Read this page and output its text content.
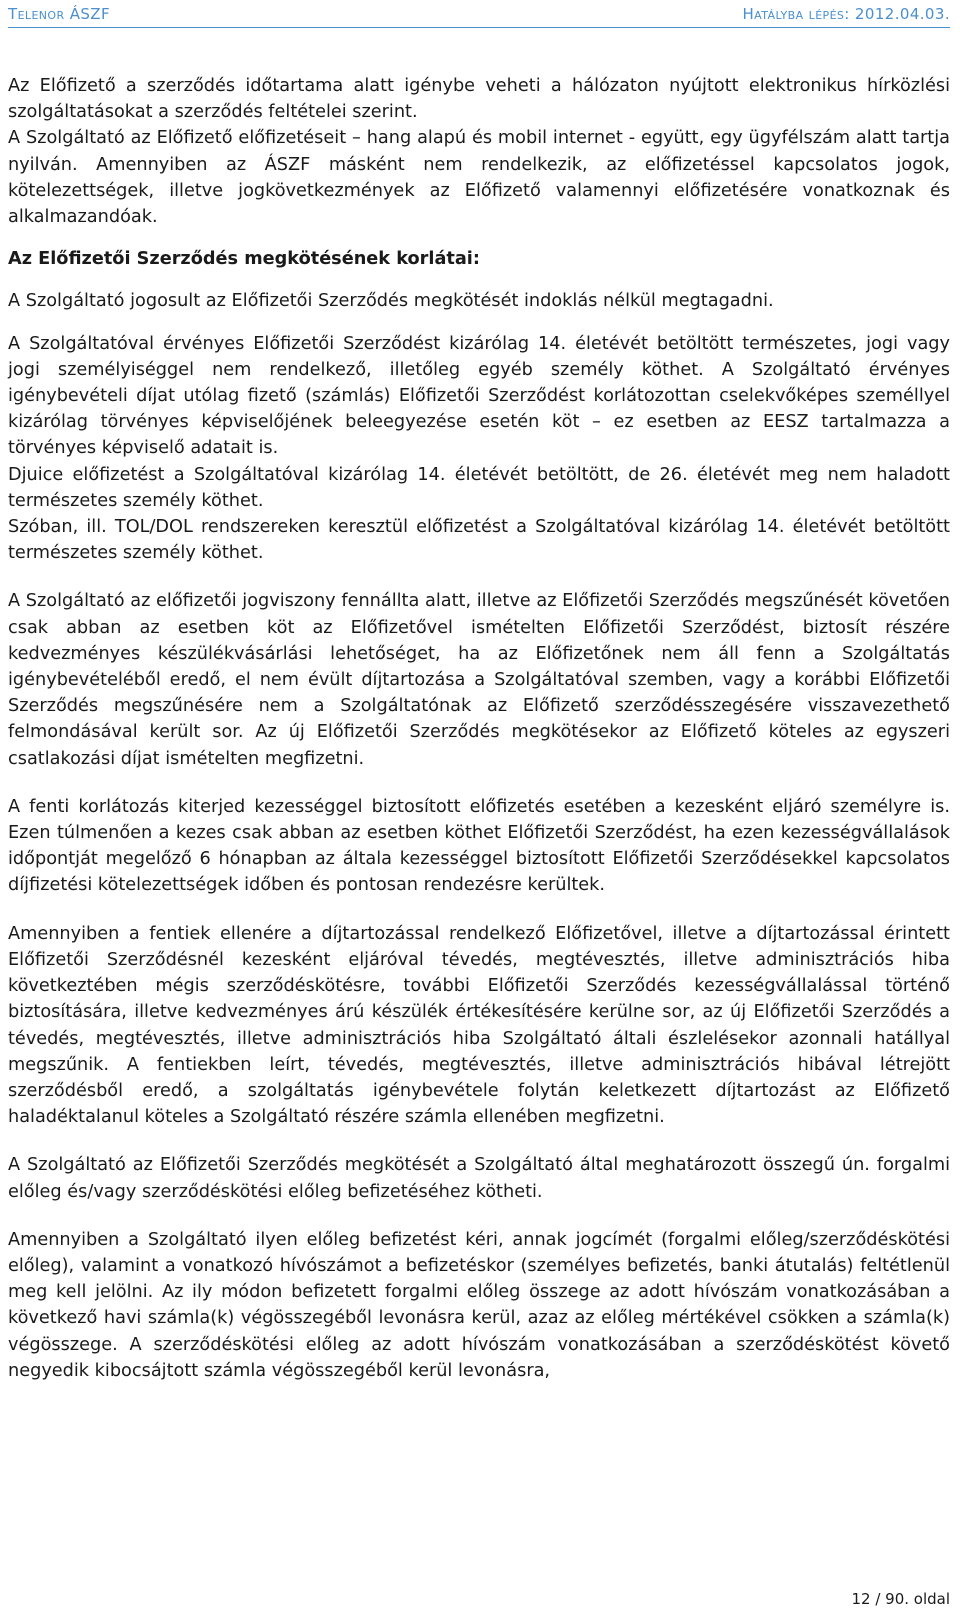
Telenor ÁSZF	Hatályba lépés: 2012.04.03.

Az Előfizető a szerződés időtartama alatt igénybe veheti a hálózaton nyújtott elektronikus hírközlési szolgáltatásokat a szerződés feltételei szerint.

A Szolgáltató az Előfizető előfizetéseit – hang alapú és mobil internet - együtt, egy ügyfélszám alatt tartja nyilván. Amennyiben az ÁSZF másként nem rendelkezik, az előfizetéssel kapcsolatos jogok, kötelezettségek, illetve jogkövetkezmények az Előfizető valamennyi előfizetésére vonatkoznak és alkalmazandóak.

Az Előfizetői Szerződés megkötésének korlátai:

A Szolgáltató jogosult az Előfizetői Szerződés megkötését indoklás nélkül megtagadni.

A Szolgáltatóval érvényes Előfizetői Szerződést kizárólag 14. életévét betöltött természetes, jogi vagy jogi személyiséggel nem rendelkező, illetőleg egyéb személy köthet. A Szolgáltató érvényes igénybevételi díjat utólag fizető (számlás) Előfizetői Szerződést korlátozottan cselekvőképes személlyel kizárólag törvényes képviselőjének beleegyezése esetén köt – ez esetben az EESZ tartalmazza a törvényes képviselő adatait is.

Djuice előfizetést a Szolgáltatóval kizárólag 14. életévét betöltött, de 26. életévét meg nem haladott természetes személy köthet.

Szóban, ill. TOL/DOL rendszereken keresztül előfizetést a Szolgáltatóval kizárólag 14. életévét betöltött természetes személy köthet.

A Szolgáltató az előfizetői jogviszony fennállta alatt, illetve az Előfizetői Szerződés megszűnését követően csak abban az esetben köt az Előfizetővel ismételten Előfizetői Szerződést, biztosít részére kedvezményes készülékvásárlási lehetőséget, ha az Előfizetőnek nem áll fenn a Szolgáltatás igénybevételéből eredő, el nem évült díjtartozása a Szolgáltatóval szemben, vagy a korábbi Előfizetői Szerződés megszűnésére nem a Szolgáltatónak az Előfizető szerződésszegésére visszavezethető felmondásával került sor. Az új Előfizetői Szerződés megkötésekor az Előfizető köteles az egyszeri csatlakozási díjat ismételten megfizetni.

A fenti korlátozás kiterjed kezességgel biztosított előfizetés esetében a kezesként eljáró személyre is. Ezen túlmenően a kezes csak abban az esetben köthet Előfizetői Szerződést, ha ezen kezességvállalások időpontját megelőző 6 hónapban az általa kezességgel biztosított Előfizetői Szerződésekkel kapcsolatos díjfizetési kötelezettségek időben és pontosan rendezésre kerültek.

Amennyiben a fentiek ellenére a díjtartozással rendelkező Előfizetővel, illetve a díjtartozással érintett Előfizetői Szerződésnél kezesként eljáróval tévedés, megtévesztés, illetve adminisztrációs hiba következtében mégis szerződéskötésre, további Előfizetői Szerződés kezességvállalással történő biztosítására, illetve kedvezményes árú készülék értékesítésére kerülne sor, az új Előfizetői Szerződés a tévedés, megtévesztés, illetve adminisztrációs hiba Szolgáltató általi észlelésekor azonnali hatállyal megszűnik. A fentiekben leírt, tévedés, megtévesztés, illetve adminisztrációs hibával létrejött szerződésből eredő, a szolgáltatás igénybevétele folytán keletkezett díjtartozást az Előfizető haladéktalanul köteles a Szolgáltató részére számla ellenében megfizetni.

A Szolgáltató az Előfizetői Szerződés megkötését a Szolgáltató által meghatározott összegű ún. forgalmi előleg és/vagy szerződéskötési előleg befizetéséhez kötheti.

Amennyiben a Szolgáltató ilyen előleg befizetést kéri, annak jogcímét (forgalmi előleg/szerződéskötési előleg), valamint a vonatkozó hívószámot a befizetéskor (személyes befizetés, banki átutalás) feltétlenül meg kell jelölni. Az ily módon befizetett forgalmi előleg összege az adott hívószám vonatkozásában a következő havi számla(k) végösszegéből levonásra kerül, azaz az előleg mértékével csökken a számla(k) végösszege. A szerződéskötési előleg az adott hívószám vonatkozásában a szerződéskötést követő negyedik kibocsájtott számla végösszegéből kerül levonásra,

12 / 90. oldal
